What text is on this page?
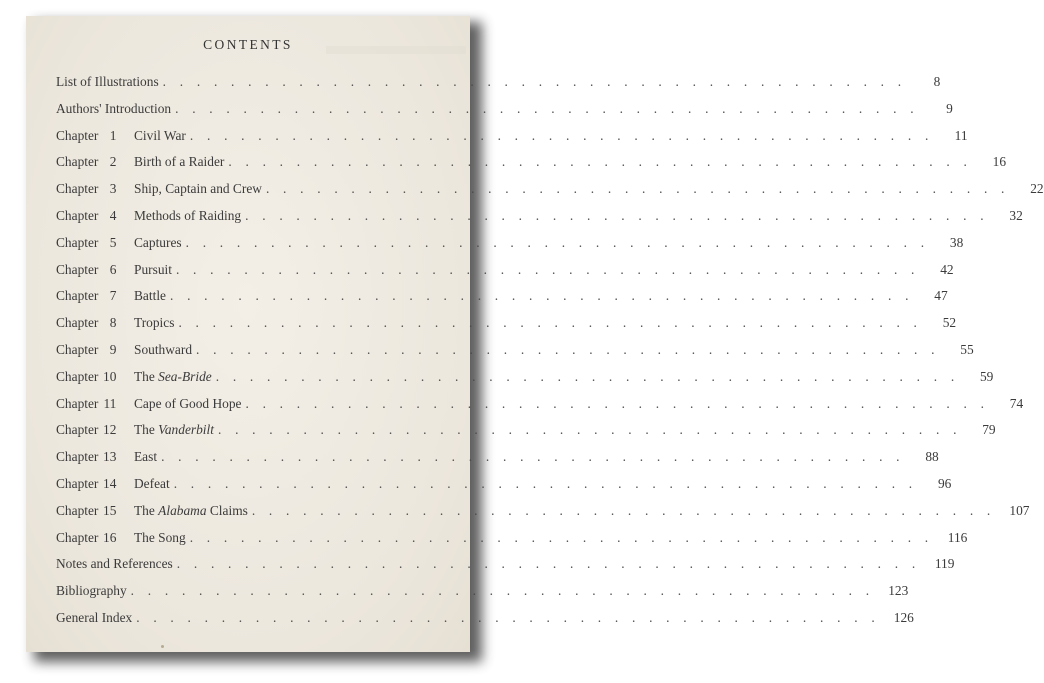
CONTENTS
List of Illustrations . . . . . . . . . . . . . . . . . . . . . . . . . . . . . . . . . . . . . . . . . . . .	8
Authors' Introduction . . . . . . . . . . . . . . . . . . . . . . . . . . . . . . . . . . . . . . . . . . . .	9
Chapter 1	Civil War . . . . . . . . . . . . . . . . . . . . . . . . . . . . . . . . . . . . . . . . . . . .	11
Chapter 2	Birth of a Raider . . . . . . . . . . . . . . . . . . . . . . . . . . . . . . . . . . . . . . . . . . . .	16
Chapter 3	Ship, Captain and Crew . . . . . . . . . . . . . . . . . . . . . . . . . . . . . . . . . . . . . . . . . . . .	22
Chapter 4	Methods of Raiding . . . . . . . . . . . . . . . . . . . . . . . . . . . . . . . . . . . . . . . . . . . .	32
Chapter 5	Captures . . . . . . . . . . . . . . . . . . . . . . . . . . . . . . . . . . . . . . . . . . . .	38
Chapter 6	Pursuit . . . . . . . . . . . . . . . . . . . . . . . . . . . . . . . . . . . . . . . . . . . .	42
Chapter 7	Battle . . . . . . . . . . . . . . . . . . . . . . . . . . . . . . . . . . . . . . . . . . . .	47
Chapter 8	Tropics . . . . . . . . . . . . . . . . . . . . . . . . . . . . . . . . . . . . . . . . . . . .	52
Chapter 9	Southward . . . . . . . . . . . . . . . . . . . . . . . . . . . . . . . . . . . . . . . . . . . .	55
Chapter 10	The Sea-Bride . . . . . . . . . . . . . . . . . . . . . . . . . . . . . . . . . . . . . . . . . . . .	59
Chapter 11	Cape of Good Hope . . . . . . . . . . . . . . . . . . . . . . . . . . . . . . . . . . . . . . . . . . . .	74
Chapter 12	The Vanderbilt . . . . . . . . . . . . . . . . . . . . . . . . . . . . . . . . . . . . . . . . . . . .	79
Chapter 13	East . . . . . . . . . . . . . . . . . . . . . . . . . . . . . . . . . . . . . . . . . . . .	88
Chapter 14	Defeat . . . . . . . . . . . . . . . . . . . . . . . . . . . . . . . . . . . . . . . . . . . .	96
Chapter 15	The Alabama Claims . . . . . . . . . . . . . . . . . . . . . . . . . . . . . . . . . . . . . . . . . . . .	107
Chapter 16	The Song . . . . . . . . . . . . . . . . . . . . . . . . . . . . . . . . . . . . . . . . . . . .	116
Notes and References . . . . . . . . . . . . . . . . . . . . . . . . . . . . . . . . . . . . . . . . . . . .	119
Bibliography . . . . . . . . . . . . . . . . . . . . . . . . . . . . . . . . . . . . . . . . . . . .	123
General Index . . . . . . . . . . . . . . . . . . . . . . . . . . . . . . . . . . . . . . . . . . . .	126
